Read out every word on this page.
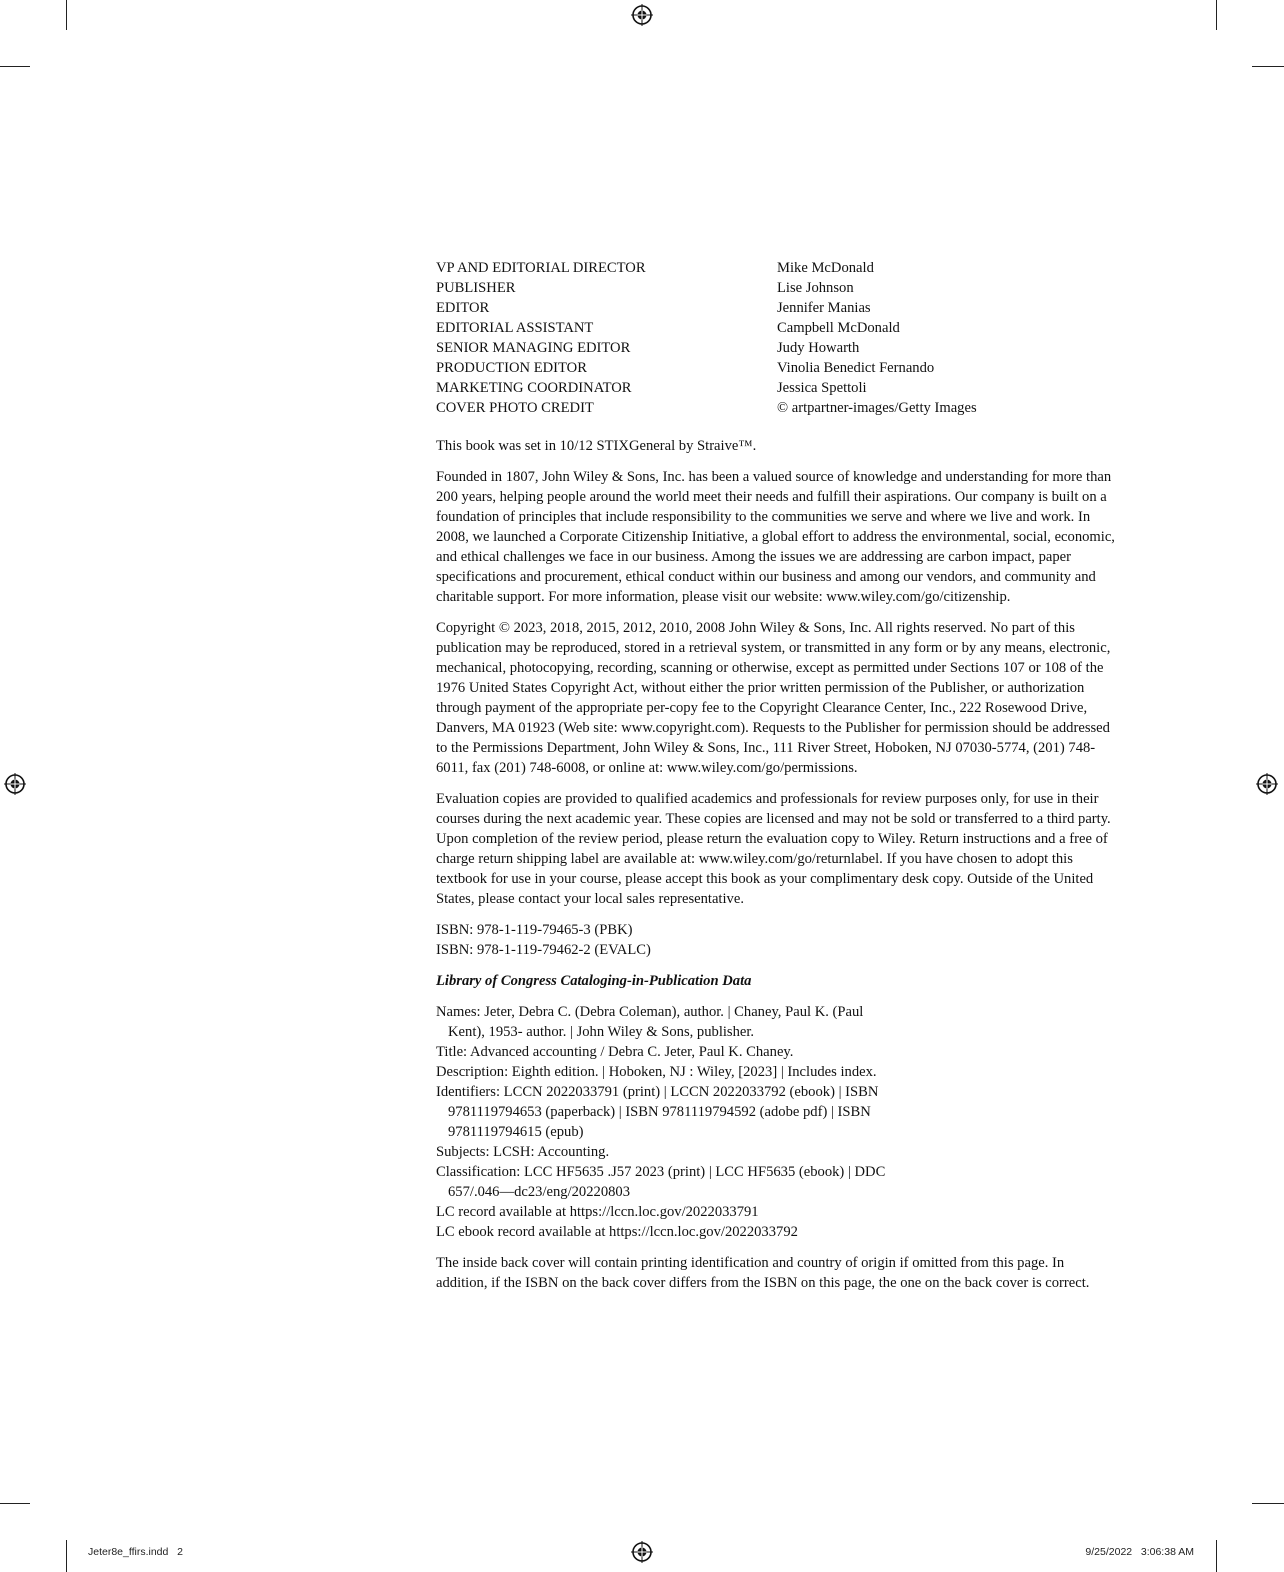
VP AND EDITORIAL DIRECTOR	Mike McDonald
PUBLISHER	Lise Johnson
EDITOR	Jennifer Manias
EDITORIAL ASSISTANT	Campbell McDonald
SENIOR MANAGING EDITOR	Judy Howarth
PRODUCTION EDITOR	Vinolia Benedict Fernando
MARKETING COORDINATOR	Jessica Spettoli
COVER PHOTO CREDIT	© artpartner-images/Getty Images

This book was set in 10/12 STIXGeneral by Straive™.

Founded in 1807, John Wiley & Sons, Inc. has been a valued source of knowledge and understanding for more than 200 years, helping people around the world meet their needs and fulfill their aspirations. Our company is built on a foundation of principles that include responsibility to the communities we serve and where we live and work. In 2008, we launched a Corporate Citizenship Initiative, a global effort to address the environmental, social, economic, and ethical challenges we face in our business. Among the issues we are addressing are carbon impact, paper specifications and procurement, ethical conduct within our business and among our vendors, and community and charitable support. For more information, please visit our website: www.wiley.com/go/citizenship.

Copyright © 2023, 2018, 2015, 2012, 2010, 2008 John Wiley & Sons, Inc. All rights reserved. No part of this publication may be reproduced, stored in a retrieval system, or transmitted in any form or by any means, electronic, mechanical, photocopying, recording, scanning or otherwise, except as permitted under Sections 107 or 108 of the 1976 United States Copyright Act, without either the prior written permission of the Publisher, or authorization through payment of the appropriate per-copy fee to the Copyright Clearance Center, Inc., 222 Rosewood Drive, Danvers, MA 01923 (Web site: www.copyright.com). Requests to the Publisher for permission should be addressed to the Permissions Department, John Wiley & Sons, Inc., 111 River Street, Hoboken, NJ 07030-5774, (201) 748-6011, fax (201) 748-6008, or online at: www.wiley.com/go/permissions.

Evaluation copies are provided to qualified academics and professionals for review purposes only, for use in their courses during the next academic year. These copies are licensed and may not be sold or transferred to a third party. Upon completion of the review period, please return the evaluation copy to Wiley. Return instructions and a free of charge return shipping label are available at: www.wiley.com/go/returnlabel. If you have chosen to adopt this textbook for use in your course, please accept this book as your complimentary desk copy. Outside of the United States, please contact your local sales representative.

ISBN: 978-1-119-79465-3 (PBK)

ISBN: 978-1-119-79462-2 (EVALC)

Library of Congress Cataloging-in-Publication Data

Names: Jeter, Debra C. (Debra Coleman), author. | Chaney, Paul K. (Paul Kent), 1953- author. | John Wiley & Sons, publisher.

Title: Advanced accounting / Debra C. Jeter, Paul K. Chaney.

Description: Eighth edition. | Hoboken, NJ : Wiley, [2023] | Includes index.

Identifiers: LCCN 2022033791 (print) | LCCN 2022033792 (ebook) | ISBN 9781119794653 (paperback) | ISBN 9781119794592 (adobe pdf) | ISBN 9781119794615 (epub)

Subjects: LCSH: Accounting.

Classification: LCC HF5635 .J57 2023 (print) | LCC HF5635 (ebook) | DDC 657/.046—dc23/eng/20220803

LC record available at https://lccn.loc.gov/2022033791

LC ebook record available at https://lccn.loc.gov/2022033792

The inside back cover will contain printing identification and country of origin if omitted from this page. In addition, if the ISBN on the back cover differs from the ISBN on this page, the one on the back cover is correct.

Jeter8e_ffirs.indd   2	9/25/2022   3:06:38 AM
